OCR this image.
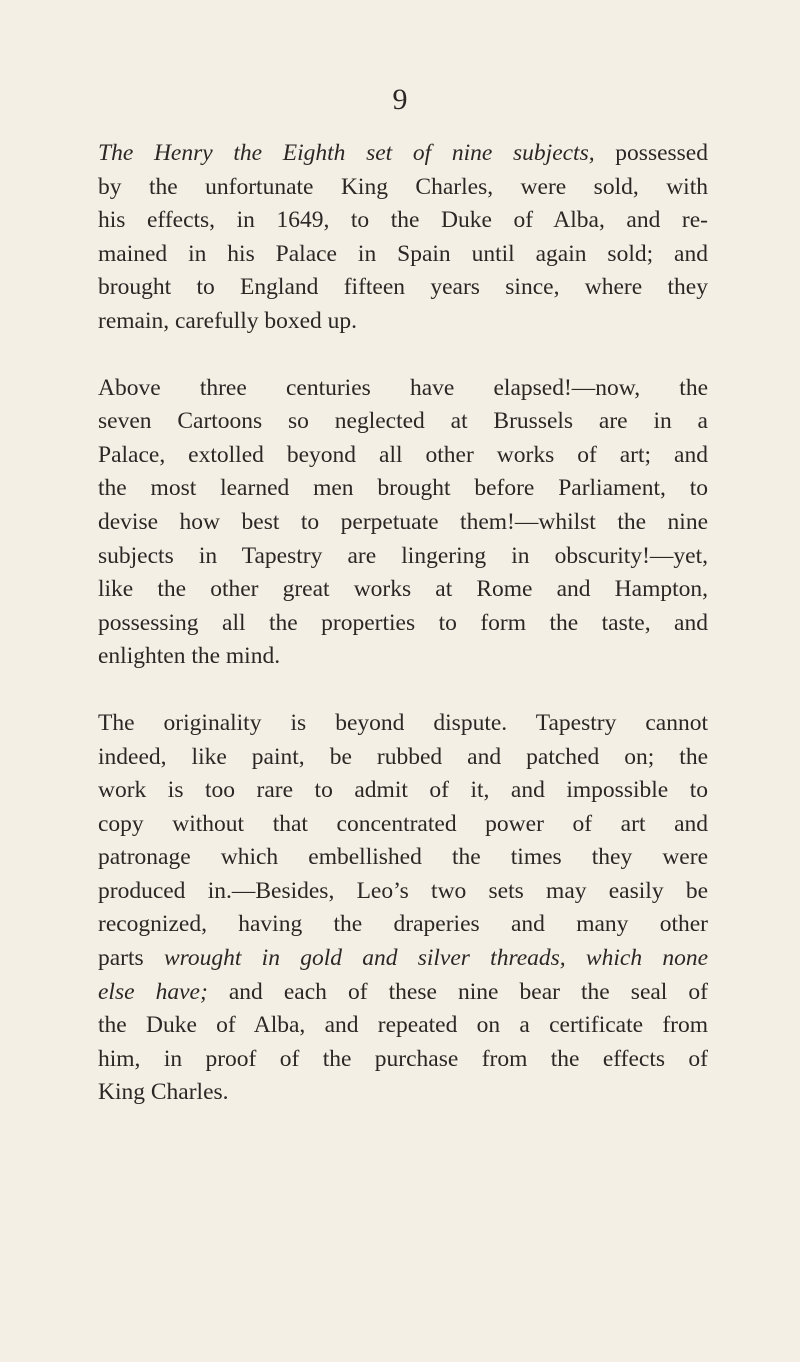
9

The Henry the Eighth set of nine subjects, possessed
by the unfortunate King Charles, were sold, with
his effects, in 1649, to the Duke of Alba, and re-
mained in his Palace in Spain until again sold; and
brought to England fifteen years since, where they
remain, carefully boxed up.

Above three centuries have elapsed!—now, the
seven Cartoons so neglected at Brussels are in a
Palace, extolled beyond all other works of art; and
the most learned men brought before Parliament, to
devise how best to perpetuate them!—whilst the nine
subjects in Tapestry are lingering in obscurity!—yet,
like the other great works at Rome and Hampton,
possessing all the properties to form the taste, and
enlighten the mind.

The originality is beyond dispute. Tapestry cannot
indeed, like paint, be rubbed and patched on; the
work is too rare to admit of it, and impossible to
copy without that concentrated power of art and
patronage which embellished the times they were
produced in.—Besides, Leo’s two sets may easily be
recognized, having the draperies and many other
parts wrought in gold and silver threads, which none
else have; and each of these nine bear the seal of
the Duke of Alba, and repeated on a certificate from
him, in proof of the purchase from the effects of
King Charles.
